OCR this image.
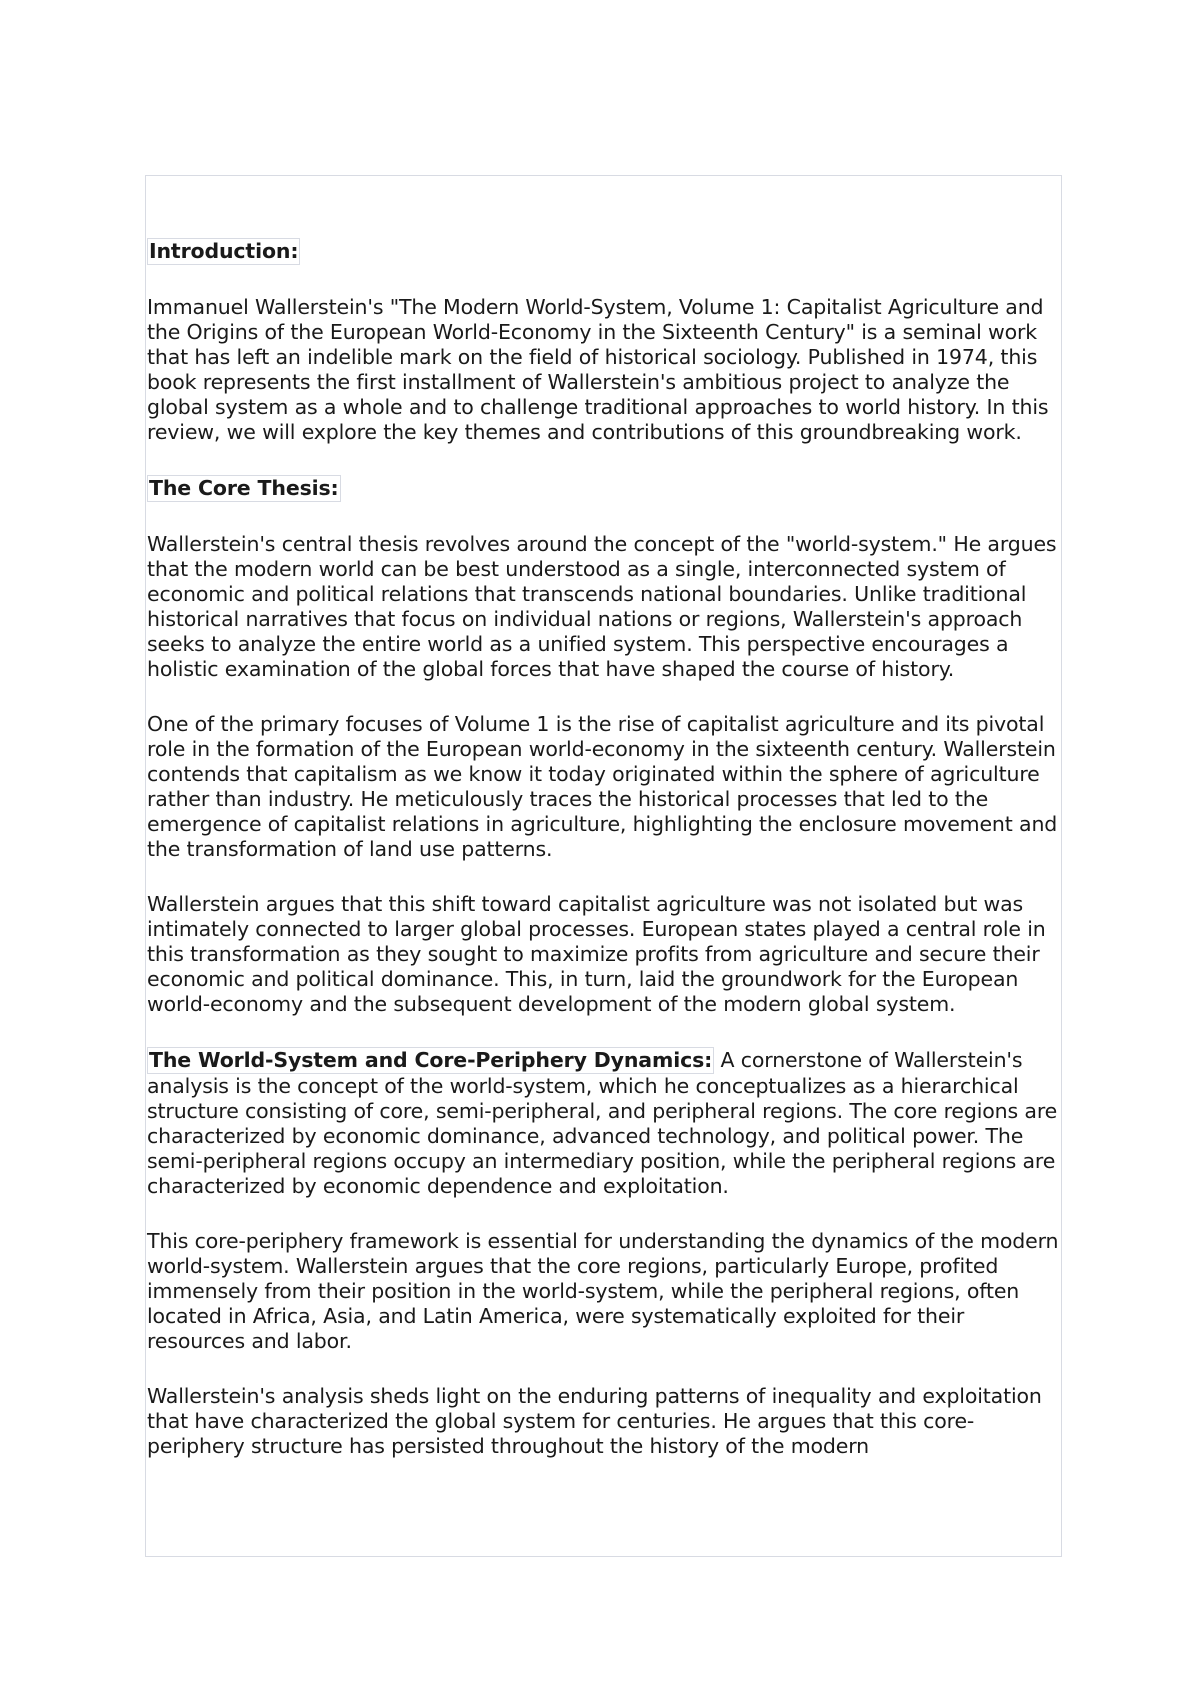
Introduction:

Immanuel Wallerstein's "The Modern World-System, Volume 1: Capitalist Agriculture and the Origins of the European World-Economy in the Sixteenth Century" is a seminal work that has left an indelible mark on the field of historical sociology. Published in 1974, this book represents the first installment of Wallerstein's ambitious project to analyze the global system as a whole and to challenge traditional approaches to world history. In this review, we will explore the key themes and contributions of this groundbreaking work.

The Core Thesis:

Wallerstein's central thesis revolves around the concept of the "world-system." He argues that the modern world can be best understood as a single, interconnected system of economic and political relations that transcends national boundaries. Unlike traditional historical narratives that focus on individual nations or regions, Wallerstein's approach seeks to analyze the entire world as a unified system. This perspective encourages a holistic examination of the global forces that have shaped the course of history.

One of the primary focuses of Volume 1 is the rise of capitalist agriculture and its pivotal role in the formation of the European world-economy in the sixteenth century. Wallerstein contends that capitalism as we know it today originated within the sphere of agriculture rather than industry. He meticulously traces the historical processes that led to the emergence of capitalist relations in agriculture, highlighting the enclosure movement and the transformation of land use patterns.

Wallerstein argues that this shift toward capitalist agriculture was not isolated but was intimately connected to larger global processes. European states played a central role in this transformation as they sought to maximize profits from agriculture and secure their economic and political dominance. This, in turn, laid the groundwork for the European world-economy and the subsequent development of the modern global system.

The World-System and Core-Periphery Dynamics: A cornerstone of Wallerstein's analysis is the concept of the world-system, which he conceptualizes as a hierarchical structure consisting of core, semi-peripheral, and peripheral regions. The core regions are characterized by economic dominance, advanced technology, and political power. The semi-peripheral regions occupy an intermediary position, while the peripheral regions are characterized by economic dependence and exploitation.

This core-periphery framework is essential for understanding the dynamics of the modern world-system. Wallerstein argues that the core regions, particularly Europe, profited immensely from their position in the world-system, while the peripheral regions, often located in Africa, Asia, and Latin America, were systematically exploited for their resources and labor.

Wallerstein's analysis sheds light on the enduring patterns of inequality and exploitation that have characterized the global system for centuries. He argues that this core-periphery structure has persisted throughout the history of the modern
